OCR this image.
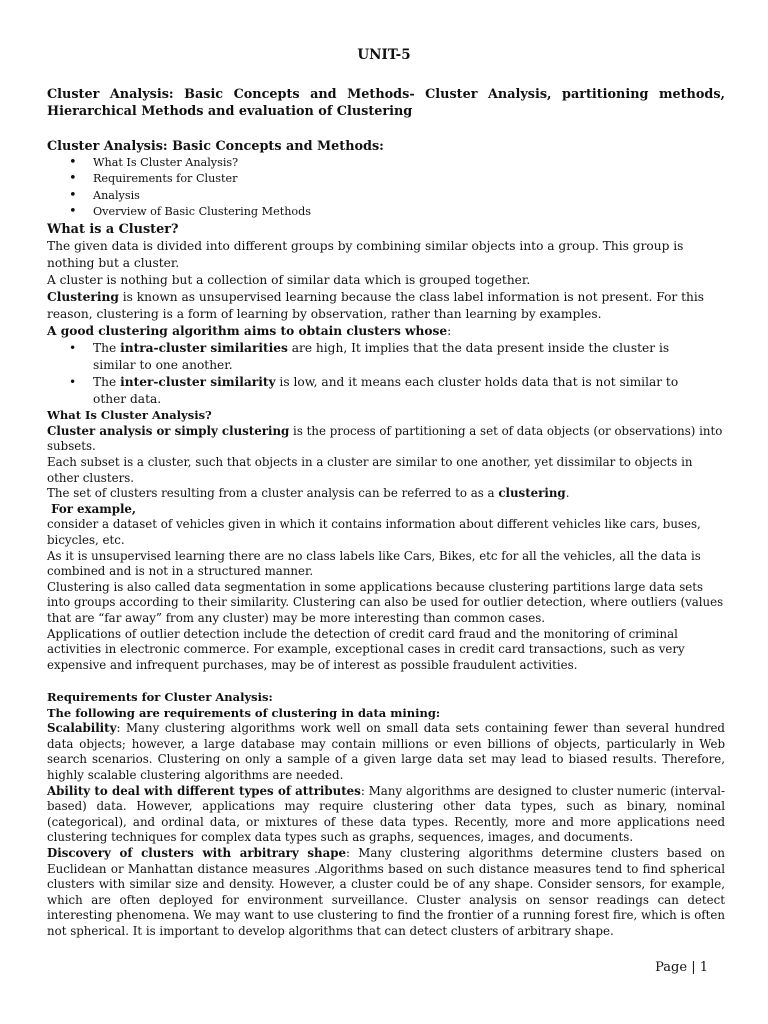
UNIT-5

Cluster Analysis: Basic Concepts and Methods- Cluster Analysis, partitioning methods, Hierarchical Methods and evaluation of Clustering

Cluster Analysis: Basic Concepts and Methods:

• What Is Cluster Analysis?
• Requirements for Cluster
• Analysis
• Overview of Basic Clustering Methods

What is a Cluster?

The given data is divided into different groups by combining similar objects into a group. This group is nothing but a cluster.

A cluster is nothing but a collection of similar data which is grouped together.

Clustering is known as unsupervised learning because the class label information is not present. For this reason, clustering is a form of learning by observation, rather than learning by examples.

A good clustering algorithm aims to obtain clusters whose:

• The intra-cluster similarities are high, It implies that the data present inside the cluster is similar to one another.
• The inter-cluster similarity is low, and it means each cluster holds data that is not similar to other data.

What Is Cluster Analysis?

Cluster analysis or simply clustering is the process of partitioning a set of data objects (or observations) into subsets.

Each subset is a cluster, such that objects in a cluster are similar to one another, yet dissimilar to objects in other clusters.

The set of clusters resulting from a cluster analysis can be referred to as a clustering.

For example,

consider a dataset of vehicles given in which it contains information about different vehicles like cars, buses, bicycles, etc.

As it is unsupervised learning there are no class labels like Cars, Bikes, etc for all the vehicles, all the data is combined and is not in a structured manner.

Clustering is also called data segmentation in some applications because clustering partitions large data sets into groups according to their similarity. Clustering can also be used for outlier detection, where outliers (values that are “far away” from any cluster) may be more interesting than common cases.

Applications of outlier detection include the detection of credit card fraud and the monitoring of criminal activities in electronic commerce. For example, exceptional cases in credit card transactions, such as very expensive and infrequent purchases, may be of interest as possible fraudulent activities.

Requirements for Cluster Analysis:

The following are requirements of clustering in data mining:

Scalability: Many clustering algorithms work well on small data sets containing fewer than several hundred data objects; however, a large database may contain millions or even billions of objects, particularly in Web search scenarios. Clustering on only a sample of a given large data set may lead to biased results. Therefore, highly scalable clustering algorithms are needed.

Ability to deal with different types of attributes: Many algorithms are designed to cluster numeric (interval-based) data. However, applications may require clustering other data types, such as binary, nominal (categorical), and ordinal data, or mixtures of these data types. Recently, more and more applications need clustering techniques for complex data types such as graphs, sequences, images, and documents.

Discovery of clusters with arbitrary shape: Many clustering algorithms determine clusters based on Euclidean or Manhattan distance measures .Algorithms based on such distance measures tend to find spherical clusters with similar size and density. However, a cluster could be of any shape. Consider sensors, for example, which are often deployed for environment surveillance. Cluster analysis on sensor readings can detect interesting phenomena. We may want to use clustering to find the frontier of a running forest fire, which is often not spherical. It is important to develop algorithms that can detect clusters of arbitrary shape.

Page | 1
